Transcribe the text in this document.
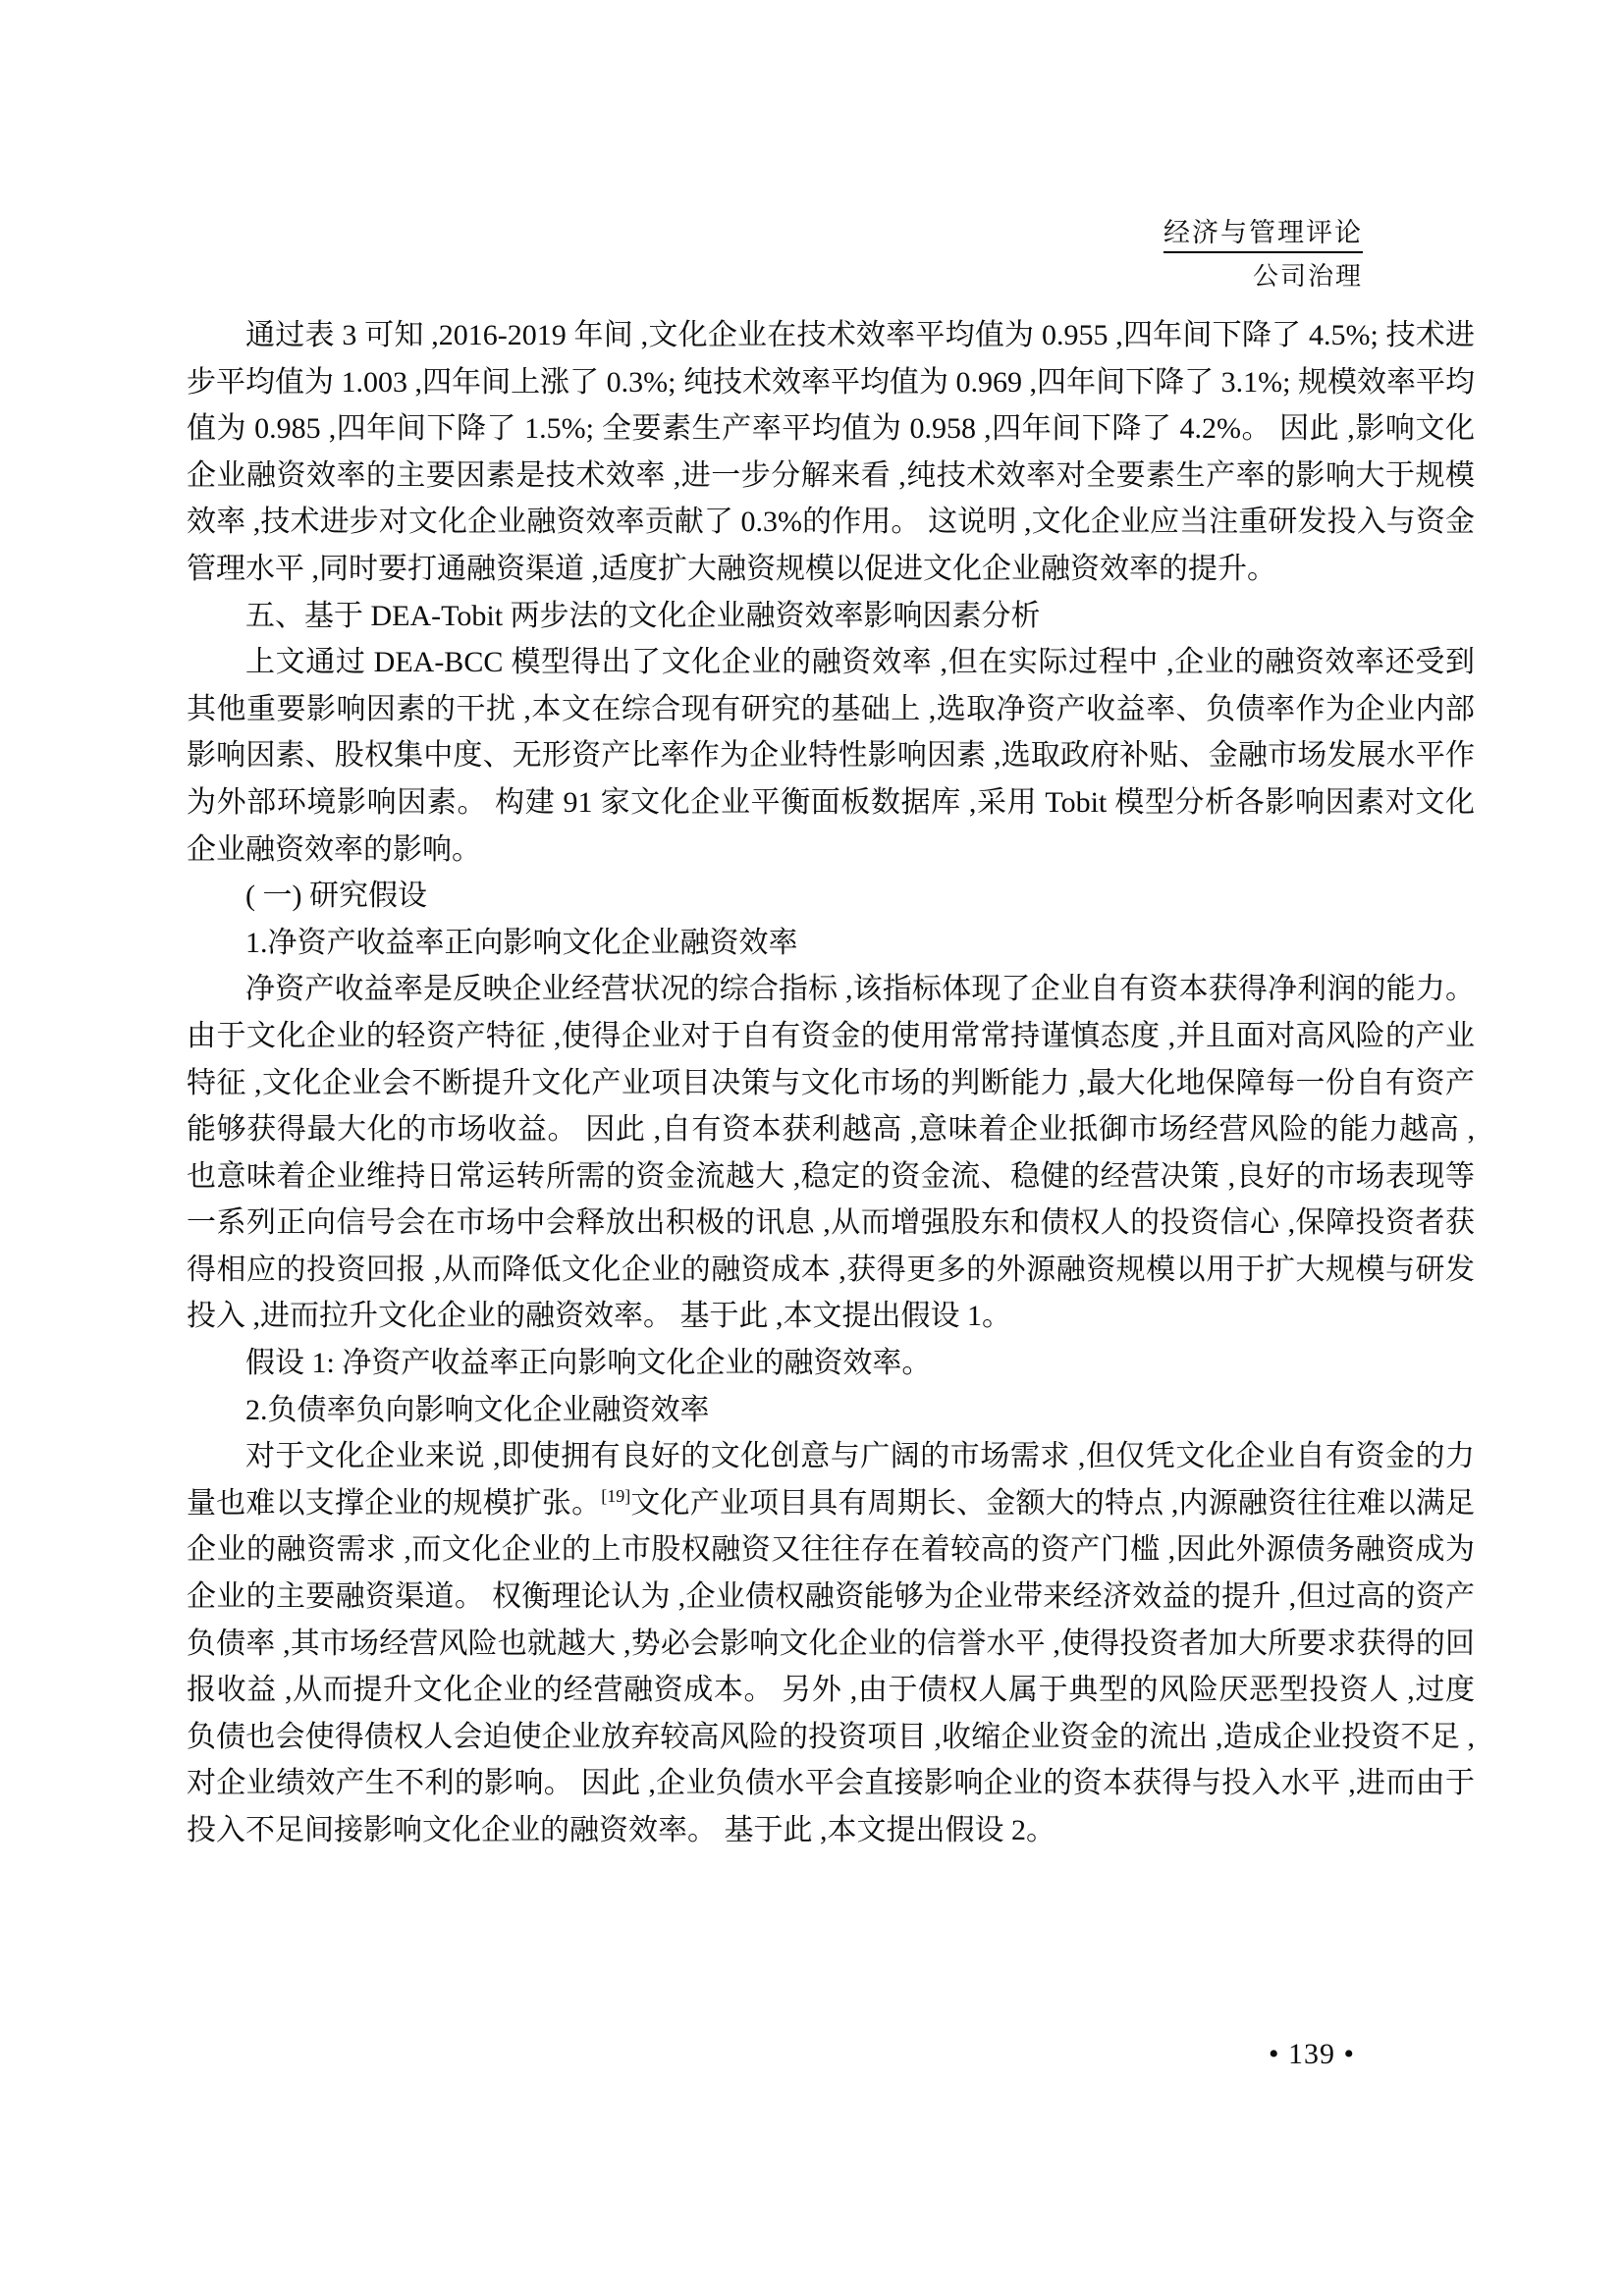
经济与管理评论
公司治理

通过表 3 可知 ,2016-2019 年间 ,文化企业在技术效率平均值为 0.955 ,四年间下降了 4.5%; 技术进步平均值为 1.003 ,四年间上涨了 0.3%; 纯技术效率平均值为 0.969 ,四年间下降了 3.1%; 规模效率平均值为 0.985 ,四年间下降了 1.5%; 全要素生产率平均值为 0.958 ,四年间下降了 4.2%。 因此 ,影响文化企业融资效率的主要因素是技术效率 ,进一步分解来看 ,纯技术效率对全要素生产率的影响大于规模效率 ,技术进步对文化企业融资效率贡献了 0.3%的作用。 这说明 ,文化企业应当注重研发投入与资金管理水平 ,同时要打通融资渠道 ,适度扩大融资规模以促进文化企业融资效率的提升。

五、基于 DEA-Tobit 两步法的文化企业融资效率影响因素分析

上文通过 DEA-BCC 模型得出了文化企业的融资效率 ,但在实际过程中 ,企业的融资效率还受到其他重要影响因素的干扰 ,本文在综合现有研究的基础上 ,选取净资产收益率、负债率作为企业内部影响因素、股权集中度、无形资产比率作为企业特性影响因素 ,选取政府补贴、金融市场发展水平作为外部环境影响因素。 构建 91 家文化企业平衡面板数据库 ,采用 Tobit 模型分析各影响因素对文化企业融资效率的影响。

( 一) 研究假设

1.净资产收益率正向影响文化企业融资效率

净资产收益率是反映企业经营状况的综合指标 ,该指标体现了企业自有资本获得净利润的能力。 由于文化企业的轻资产特征 ,使得企业对于自有资金的使用常常持谨慎态度 ,并且面对高风险的产业特征 ,文化企业会不断提升文化产业项目决策与文化市场的判断能力 ,最大化地保障每一份自有资产能够获得最大化的市场收益。 因此 ,自有资本获利越高 ,意味着企业抵御市场经营风险的能力越高 ,也意味着企业维持日常运转所需的资金流越大 ,稳定的资金流、稳健的经营决策 ,良好的市场表现等一系列正向信号会在市场中会释放出积极的讯息 ,从而增强股东和债权人的投资信心 ,保障投资者获得相应的投资回报 ,从而降低文化企业的融资成本 ,获得更多的外源融资规模以用于扩大规模与研发投入 ,进而拉升文化企业的融资效率。 基于此 ,本文提出假设 1。

假设 1: 净资产收益率正向影响文化企业的融资效率。

2.负债率负向影响文化企业融资效率

对于文化企业来说 ,即使拥有良好的文化创意与广阔的市场需求 ,但仅凭文化企业自有资金的力量也难以支撑企业的规模扩张。[19]文化产业项目具有周期长、金额大的特点 ,内源融资往往难以满足企业的融资需求 ,而文化企业的上市股权融资又往往存在着较高的资产门槛 ,因此外源债务融资成为企业的主要融资渠道。 权衡理论认为 ,企业债权融资能够为企业带来经济效益的提升 ,但过高的资产负债率 ,其市场经营风险也就越大 ,势必会影响文化企业的信誉水平 ,使得投资者加大所要求获得的回报收益 ,从而提升文化企业的经营融资成本。 另外 ,由于债权人属于典型的风险厌恶型投资人 ,过度负债也会使得债权人会迫使企业放弃较高风险的投资项目 ,收缩企业资金的流出 ,造成企业投资不足 ,对企业绩效产生不利的影响。 因此 ,企业负债水平会直接影响企业的资本获得与投入水平 ,进而由于投入不足间接影响文化企业的融资效率。 基于此 ,本文提出假设 2。

• 139 •
